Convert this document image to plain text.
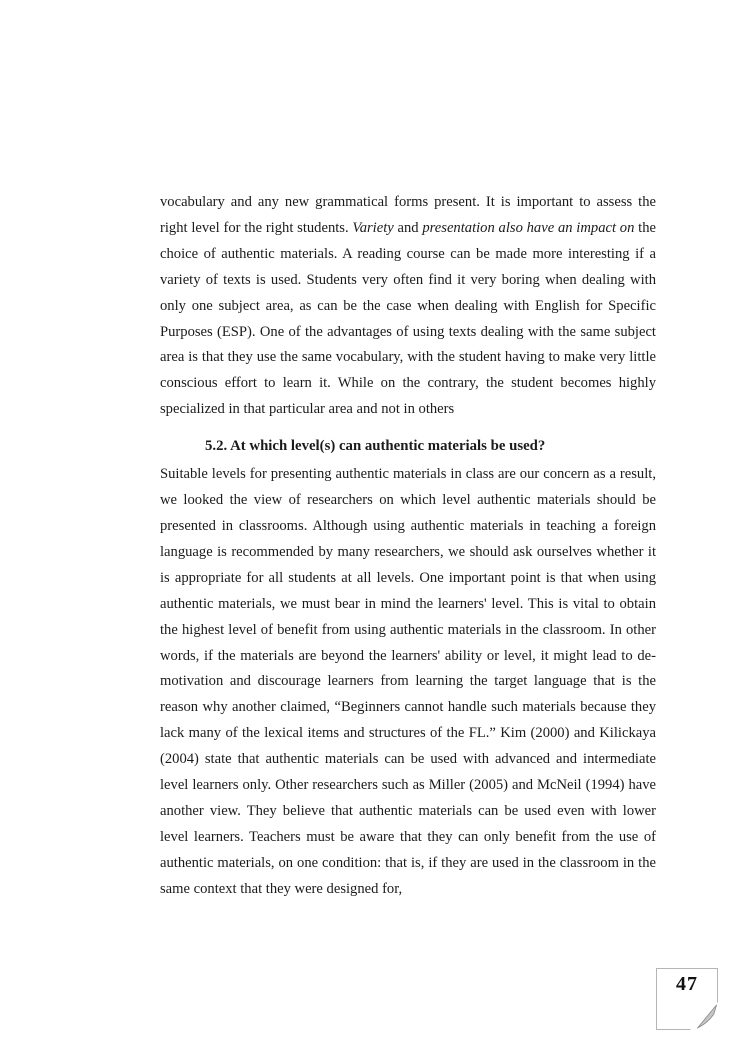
vocabulary and any new grammatical forms present. It is important to assess the right level for the right students. Variety and presentation also have an impact on the choice of authentic materials. A reading course can be made more interesting if a variety of texts is used. Students very often find it very boring when dealing with only one subject area, as can be the case when dealing with English for Specific Purposes (ESP). One of the advantages of using texts dealing with the same subject area is that they use the same vocabulary, with the student having to make very little conscious effort to learn it. While on the contrary, the student becomes highly specialized in that particular area and not in others

5.2. At which level(s) can authentic materials be used?

Suitable levels for presenting authentic materials in class are our concern as a result, we looked the view of researchers on which level authentic materials should be presented in classrooms. Although using authentic materials in teaching a foreign language is recommended by many researchers, we should ask ourselves whether it is appropriate for all students at all levels. One important point is that when using authentic materials, we must bear in mind the learners' level. This is vital to obtain the highest level of benefit from using authentic materials in the classroom. In other words, if the materials are beyond the learners' ability or level, it might lead to de-motivation and discourage learners from learning the target language that is the reason why another claimed, “Beginners cannot handle such materials because they lack many of the lexical items and structures of the FL.” Kim (2000) and Kilickaya (2004) state that authentic materials can be used with advanced and intermediate level learners only. Other researchers such as Miller (2005) and McNeil (1994) have another view. They believe that authentic materials can be used even with lower level learners. Teachers must be aware that they can only benefit from the use of authentic materials, on one condition: that is, if they are used in the classroom in the same context that they were designed for,

47
